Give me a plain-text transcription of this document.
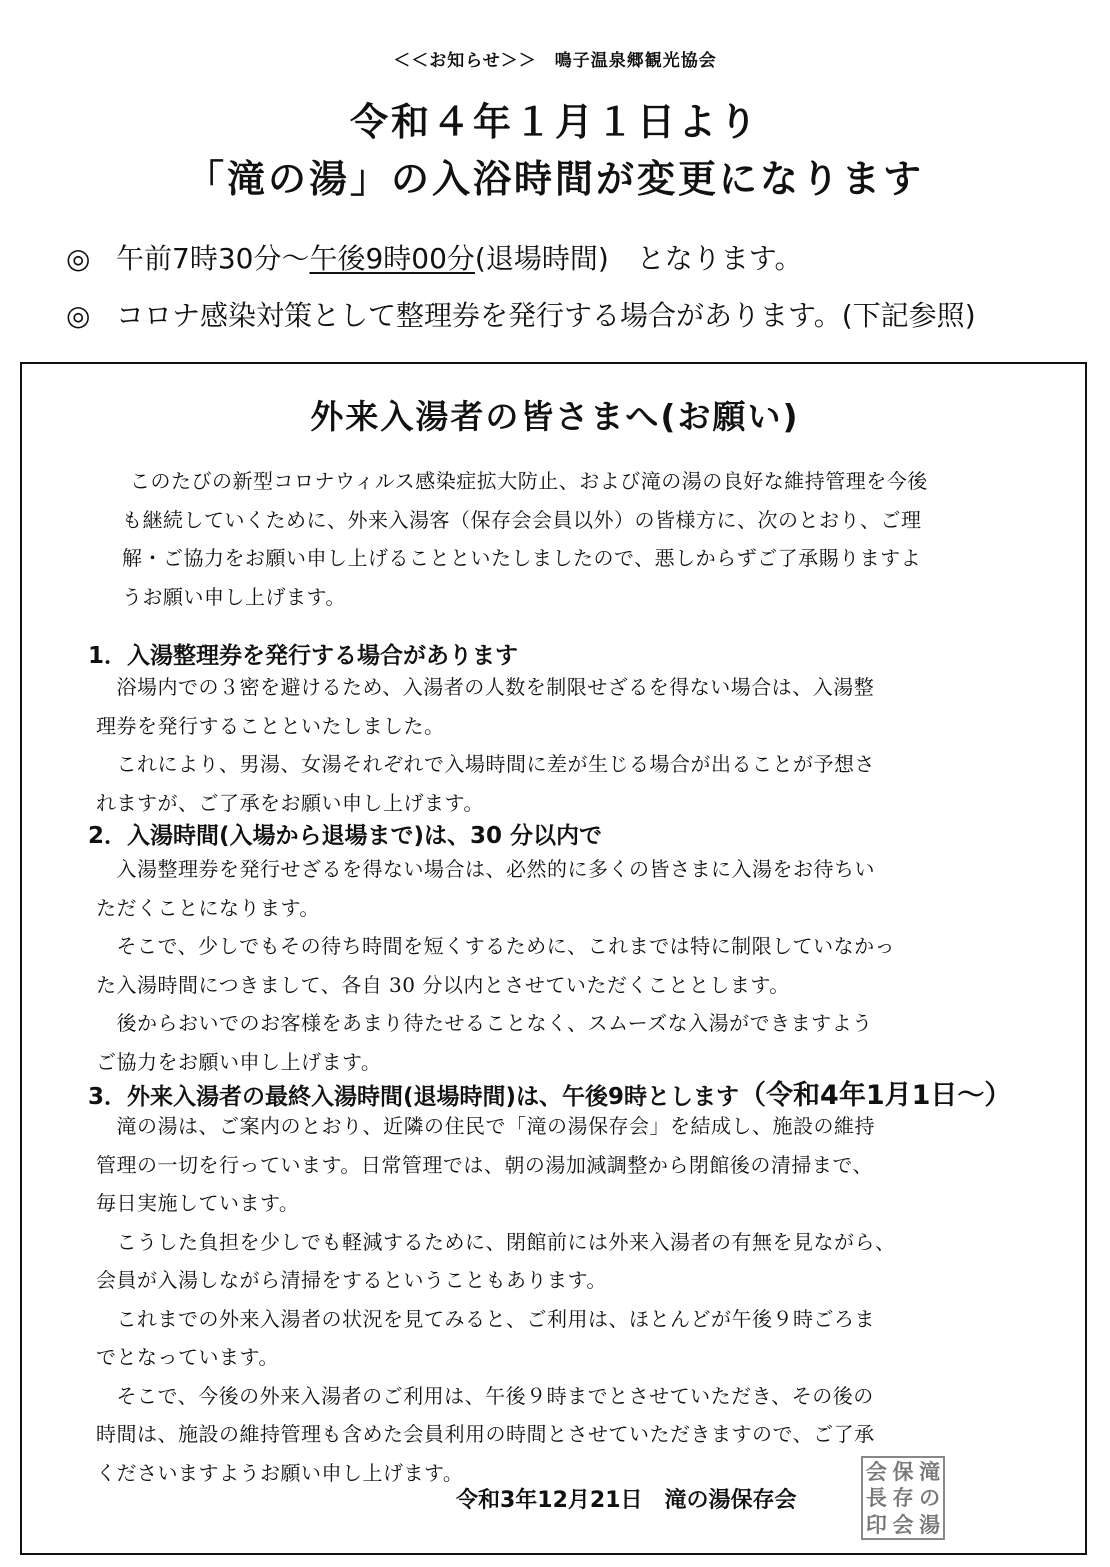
＜＜お知らせ＞＞　鳴子温泉郷観光協会
令和４年１月１日より
「滝の湯」の入浴時間が変更になります
◎ 午前7時30分～午後9時00分(退場時間)　となります。
◎ コロナ感染対策として整理券を発行する場合があります。(下記参照)
外来入湯者の皆さまへ(お願い)
このたびの新型コロナウィルス感染症拡大防止、および滝の湯の良好な維持管理を今後
も継続していくために、外来入湯客（保存会会員以外）の皆様方に、次のとおり、ご理
解・ご協力をお願い申し上げることといたしましたので、悪しからずご了承賜りますよ
うお願い申し上げます。
1．入湯整理券を発行する場合があります
　浴場内での３密を避けるため、入湯者の人数を制限せざるを得ない場合は、入湯整
理券を発行することといたしました。
　これにより、男湯、女湯それぞれで入場時間に差が生じる場合が出ることが予想さ
れますが、ご了承をお願い申し上げます。
2．入湯時間(入場から退場まで)は、30 分以内で
　入湯整理券を発行せざるを得ない場合は、必然的に多くの皆さまに入湯をお待ちい
ただくことになります。
　そこで、少しでもその待ち時間を短くするために、これまでは特に制限していなかっ
た入湯時間につきまして、各自 30 分以内とさせていただくこととします。
　後からおいでのお客様をあまり待たせることなく、スムーズな入湯ができますよう
ご協力をお願い申し上げます。
3．外来入湯者の最終入湯時間(退場時間)は、午後9時とします（令和4年1月1日～）
　滝の湯は、ご案内のとおり、近隣の住民で「滝の湯保存会」を結成し、施設の維持
管理の一切を行っています。日常管理では、朝の湯加減調整から閉館後の清掃まで、
毎日実施しています。
　こうした負担を少しでも軽減するために、閉館前には外来入湯者の有無を見ながら、
会員が入湯しながら清掃をするということもあります。
　これまでの外来入湯者の状況を見てみると、ご利用は、ほとんどが午後９時ごろま
でとなっています。
　そこで、今後の外来入湯者のご利用は、午後９時までとさせていただき、その後の
時間は、施設の維持管理も含めた会員利用の時間とさせていただきますので、ご了承
くださいますようお願い申し上げます。
令和3年12月21日　滝の湯保存会
滝
保
会
の
存
長
湯
会
印
